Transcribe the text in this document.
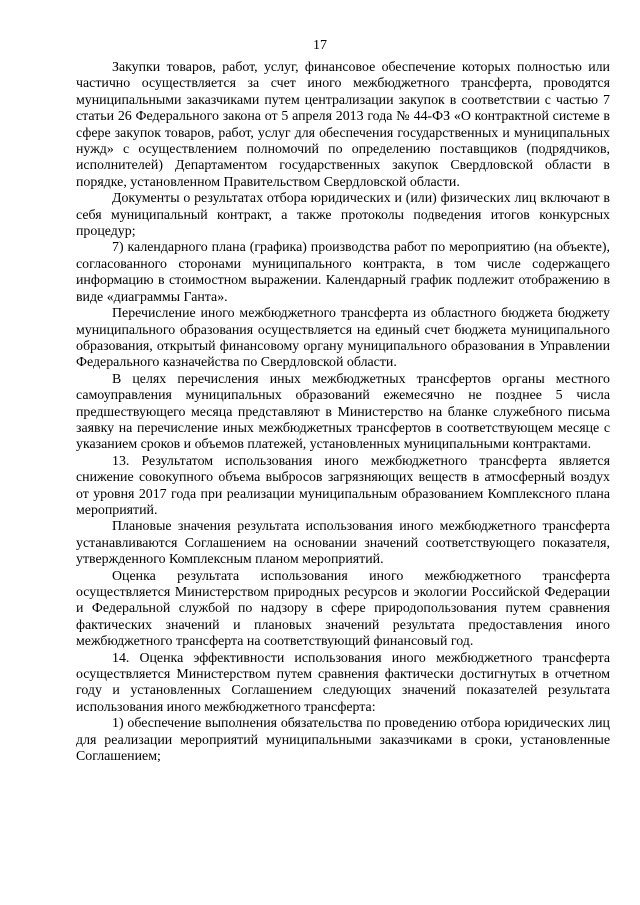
17

Закупки товаров, работ, услуг, финансовое обеспечение которых полностью или частично осуществляется за счет иного межбюджетного трансферта, проводятся муниципальными заказчиками путем централизации закупок в соответствии с частью 7 статьи 26 Федерального закона от 5 апреля 2013 года № 44-ФЗ «О контрактной системе в сфере закупок товаров, работ, услуг для обеспечения государственных и муниципальных нужд» с осуществлением полномочий по определению поставщиков (подрядчиков, исполнителей) Департаментом государственных закупок Свердловской области в порядке, установленном Правительством Свердловской области.

Документы о результатах отбора юридических и (или) физических лиц включают в себя муниципальный контракт, а также протоколы подведения итогов конкурсных процедур;

7) календарного плана (графика) производства работ по мероприятию (на объекте), согласованного сторонами муниципального контракта, в том числе содержащего информацию в стоимостном выражении. Календарный график подлежит отображению в виде «диаграммы Ганта».

Перечисление иного межбюджетного трансферта из областного бюджета бюджету муниципального образования осуществляется на единый счет бюджета муниципального образования, открытый финансовому органу муниципального образования в Управлении Федерального казначейства по Свердловской области.

В целях перечисления иных межбюджетных трансфертов органы местного самоуправления муниципальных образований ежемесячно не позднее 5 числа предшествующего месяца представляют в Министерство на бланке служебного письма заявку на перечисление иных межбюджетных трансфертов в соответствующем месяце с указанием сроков и объемов платежей, установленных муниципальными контрактами.

13. Результатом использования иного межбюджетного трансферта является снижение совокупного объема выбросов загрязняющих веществ в атмосферный воздух от уровня 2017 года при реализации муниципальным образованием Комплексного плана мероприятий.

Плановые значения результата использования иного межбюджетного трансферта устанавливаются Соглашением на основании значений соответствующего показателя, утвержденного Комплексным планом мероприятий.

Оценка результата использования иного межбюджетного трансферта осуществляется Министерством природных ресурсов и экологии Российской Федерации и Федеральной службой по надзору в сфере природопользования путем сравнения фактических значений и плановых значений результата предоставления иного межбюджетного трансферта на соответствующий финансовый год.

14. Оценка эффективности использования иного межбюджетного трансферта осуществляется Министерством путем сравнения фактически достигнутых в отчетном году и установленных Соглашением следующих значений показателей результата использования иного межбюджетного трансферта:

1) обеспечение выполнения обязательства по проведению отбора юридических лиц для реализации мероприятий муниципальными заказчиками в сроки, установленные Соглашением;
